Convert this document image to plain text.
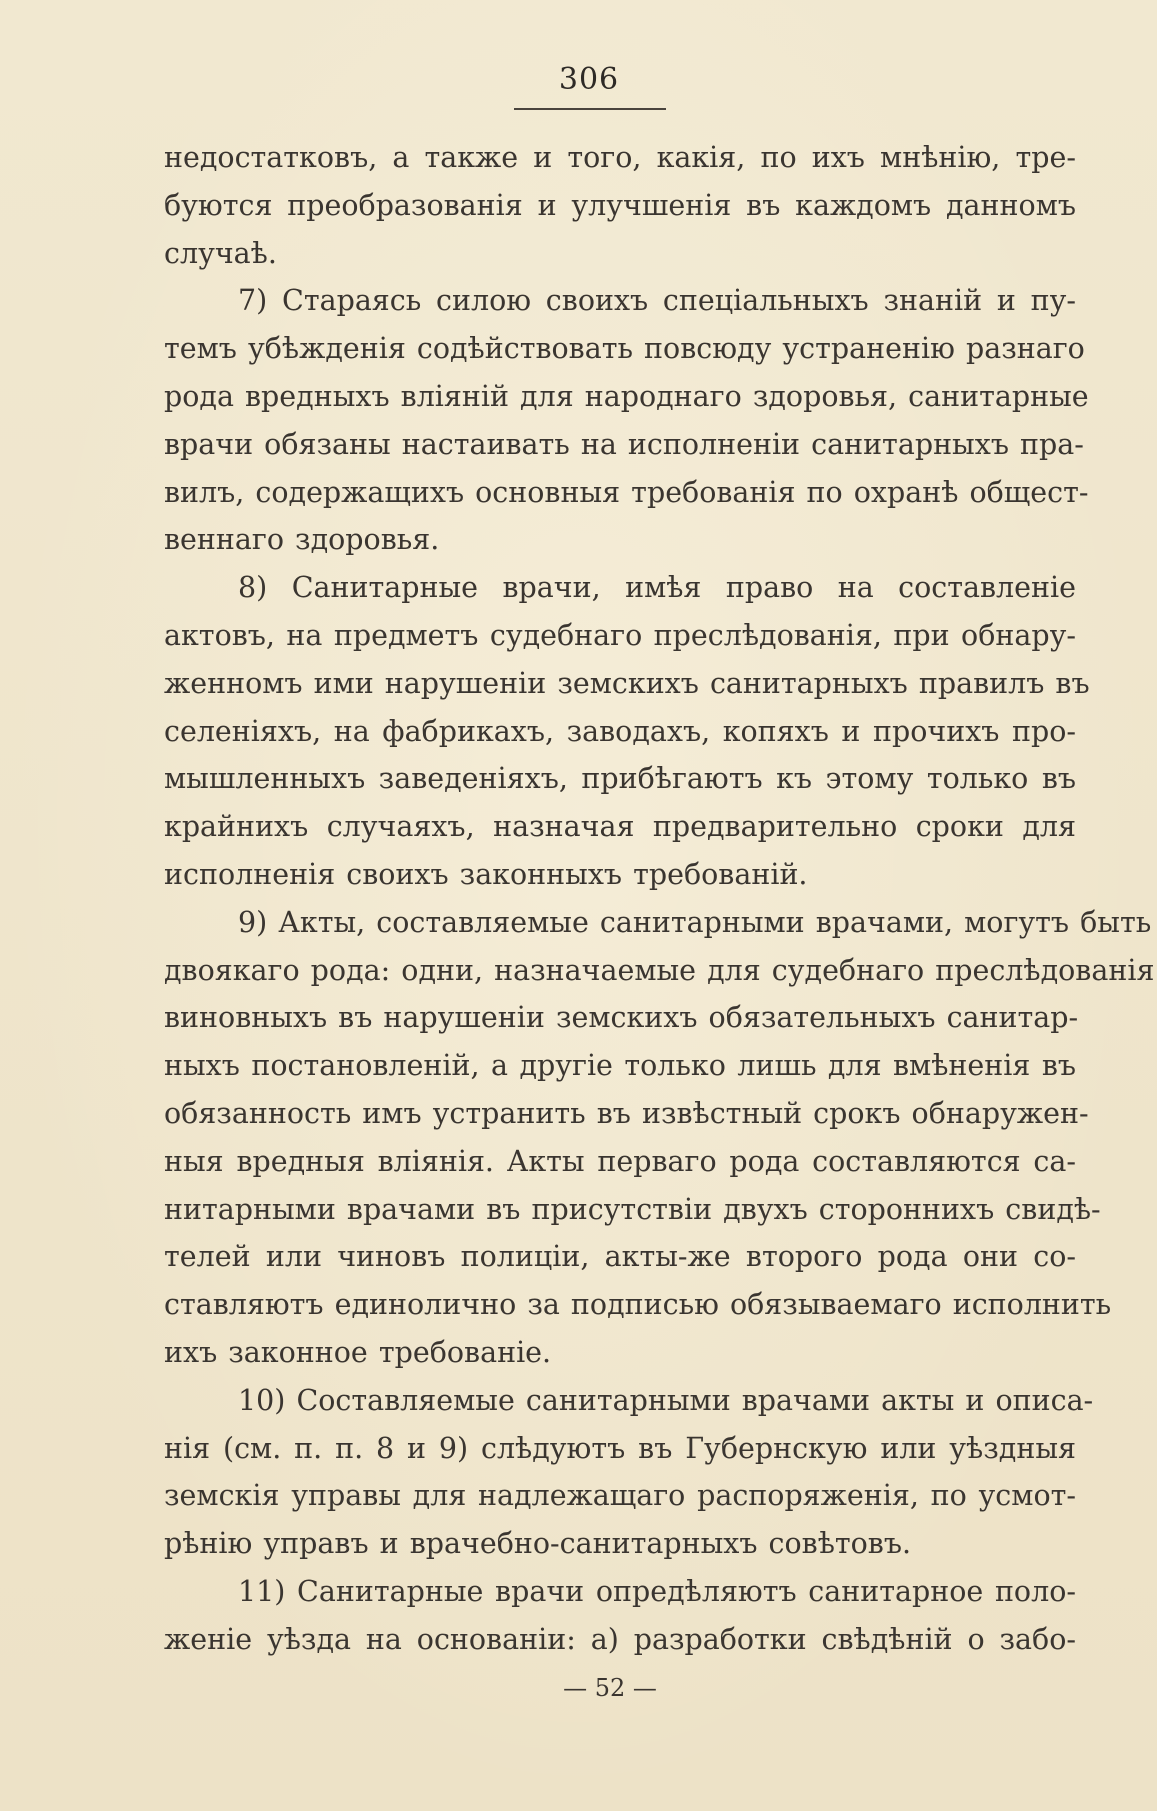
306
недостатковъ, а также и того, какія, по ихъ мнѣнію, тре-
буются преобразованія и улучшенія въ каждомъ данномъ
случаѣ.
7) Стараясь силою своихъ спеціальныхъ знаній и пу-
темъ убѣжденія содѣйствовать повсюду устраненію разнаго
рода вредныхъ вліяній для народнаго здоровья, санитарные
врачи обязаны настаивать на исполненіи санитарныхъ пра-
вилъ, содержащихъ основныя требованія по охранѣ общест-
веннаго здоровья.
8) Санитарные врачи, имѣя право на составленіе
актовъ, на предметъ судебнаго преслѣдованія, при обнару-
женномъ ими нарушеніи земскихъ санитарныхъ правилъ въ
селеніяхъ, на фабрикахъ, заводахъ, копяхъ и прочихъ про-
мышленныхъ заведеніяхъ, прибѣгаютъ къ этому только въ
крайнихъ случаяхъ, назначая предварительно сроки для
исполненія своихъ законныхъ требованій.
9) Акты, составляемые санитарными врачами, могутъ быть
двоякаго рода: одни, назначаемые для судебнаго преслѣдованія
виновныхъ въ нарушеніи земскихъ обязательныхъ санитар-
ныхъ постановленій, а другіе только лишь для вмѣненія въ
обязанность имъ устранить въ извѣстный срокъ обнаружен-
ныя вредныя вліянія. Акты перваго рода составляются са-
нитарными врачами въ присутствіи двухъ стороннихъ свидѣ-
телей или чиновъ полиціи, акты-же второго рода они со-
ставляютъ единолично за подписью обязываемаго исполнить
ихъ законное требованіе.
10) Составляемые санитарными врачами акты и описа-
нія (см. п. п. 8 и 9) слѣдуютъ въ Губернскую или уѣздныя
земскія управы для надлежащаго распоряженія, по усмот-
рѣнію управъ и врачебно-санитарныхъ совѣтовъ.
11) Санитарные врачи опредѣляютъ санитарное поло-
женіе уѣзда на основаніи: а) разработки свѣдѣній о забо-
— 52 —
